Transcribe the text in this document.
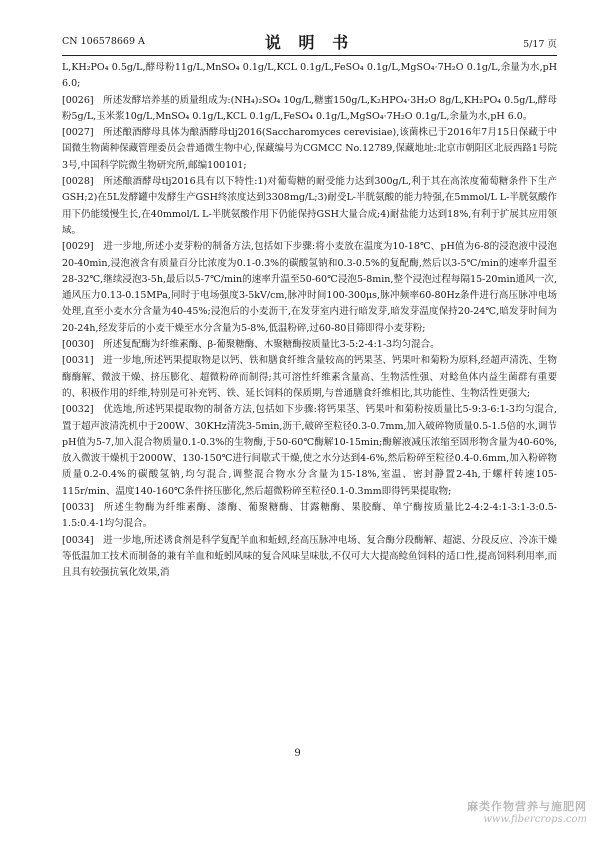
CN 106578669 A	说 明 书	5/17 页

L,KH₂PO₄ 0.5g/L,酵母粉11g/L,MnSO₄ 0.1g/L,KCL 0.1g/L,FeSO₄ 0.1g/L,MgSO₄·7H₂O 0.1g/L,余量为水,pH 6.0;

[0026]  所述发酵培养基的质量组成为:(NH₄)₂SO₄ 10g/L,糖蜜150g/L,K₂HPO₄·3H₂O 8g/L,KH₂PO₄ 0.5g/L,酵母粉5g/L,玉米浆10g/L,MnSO₄ 0.1g/L,KCL 0.1g/L,FeSO₄ 0.1g/L,MgSO₄·7H₂O 0.1g/L,余量为水,pH 6.0。

[0027]  所述酿酒酵母具体为酿酒酵母tlj2016(Saccharomyces cerevisiae),该菌株已于2016年7月15日保藏于中国微生物菌种保藏管理委员会普通微生物中心,保藏编号为CGMCC No.12789,保藏地址:北京市朝阳区北辰西路1号院3号,中国科学院微生物研究所,邮编100101;

[0028]  所述酿酒酵母tlj2016具有以下特性:1)对葡萄糖的耐受能力达到300g/L,利于其在高浓度葡萄糖条件下生产GSH;2)在5L发酵罐中发酵生产GSH终浓度达到3308mg/L;3)耐受L-半胱氨酸的能力特强,在5mmol/L L-半胱氨酸作用下仍能缓慢生长,在40mmol/L L-半胱氨酸作用下仍能保持GSH大量合成;4)耐盐能力达到18%,有利于扩展其应用领域。

[0029]  进一步地,所述小麦芽粉的制备方法,包括如下步骤:将小麦放在温度为10-18℃、pH值为6-8的浸泡液中浸泡20-40min,浸泡液含有质量百分比浓度为0.1-0.3%的碳酸氢钠和0.3-0.5%的复配酶,然后以3-5℃/min的速率升温至28-32℃,继续浸泡3-5h,最后以5-7℃/min的速率升温至50-60℃浸泡5-8min,整个浸泡过程每隔15-20min通风一次,通风压力0.13-0.15MPa,同时于电场强度3-5kV/cm,脉冲时间100-300μs,脉冲频率60-80Hz条件进行高压脉冲电场处理,直至小麦水分含量为40-45%;浸泡后的小麦沥干,在发芽室内进行暗发芽,暗发芽温度保持20-24℃,暗发芽时间为20-24h,经发芽后的小麦干燥至水分含量为5-8%,低温粉碎,过60-80目筛即得小麦芽粉;

[0030]  所述复配酶为纤维素酶、β-葡聚糖酶、木聚糖酶按质量比3-5:2-4:1-3均匀混合。

[0031]  进一步地,所述钙果提取物是以钙、铁和膳食纤维含量较高的钙果茎、钙果叶和菊粉为原料,经超声清洗、生物酶酶解、微波干燥、挤压膨化、超微粉碎而制得;其可溶性纤维素含量高、生物活性强、对鲶鱼体内益生菌群有重要的、积极作用的纤维,特别是可补充钙、铁、延长饲料的保质期,与普通膳食纤维相比,其功能性、生物活性更强大;

[0032]  优选地,所述钙果提取物的制备方法,包括如下步骤:将钙果茎、钙果叶和菊粉按质量比5-9:3-6:1-3均匀混合,置于超声波清洗机中于200W、30KHz清洗3-5min,沥干,破碎至粒径0.3-0.7mm,加入破碎物质量0.5-1.5倍的水,调节pH值为5-7,加入混合物质量0.1-0.3%的生物酶,于50-60℃酶解10-15min;酶解液减压浓缩至固形物含量为40-60%,放入微波干燥机于2000W、130-150℃进行间歇式干燥,使之水分达到4-6%,然后粉碎至粒径0.4-0.6mm,加入粉碎物质量0.2-0.4%的碳酸氢钠,均匀混合,调整混合物水分含量为15-18%,室温、密封静置2-4h,于螺杆转速105-115r/min、温度140-160℃条件挤压膨化,然后超微粉碎至粒径0.1-0.3mm即得钙果提取物;

[0033]  所述生物酶为纤维素酶、漆酶、葡聚糖酶、甘露糖酶、果胶酶、单宁酶按质量比2-4:2-4:1-3:1-3:0.5-1.5:0.4-1均匀混合。

[0034]  进一步地,所述诱食剂是科学复配羊血和蚯蚓,经高压脉冲电场、复合酶分段酶解、超滤、分段反应、冷冻干燥等低温加工技术而制备的兼有羊血和蚯蚓风味的复合风味呈味肽,不仅可大大提高鲶鱼饲料的适口性,提高饲料利用率,而且具有较强抗氧化效果,消

9
麻类作物营养与施肥网
www.fibercrops.com
